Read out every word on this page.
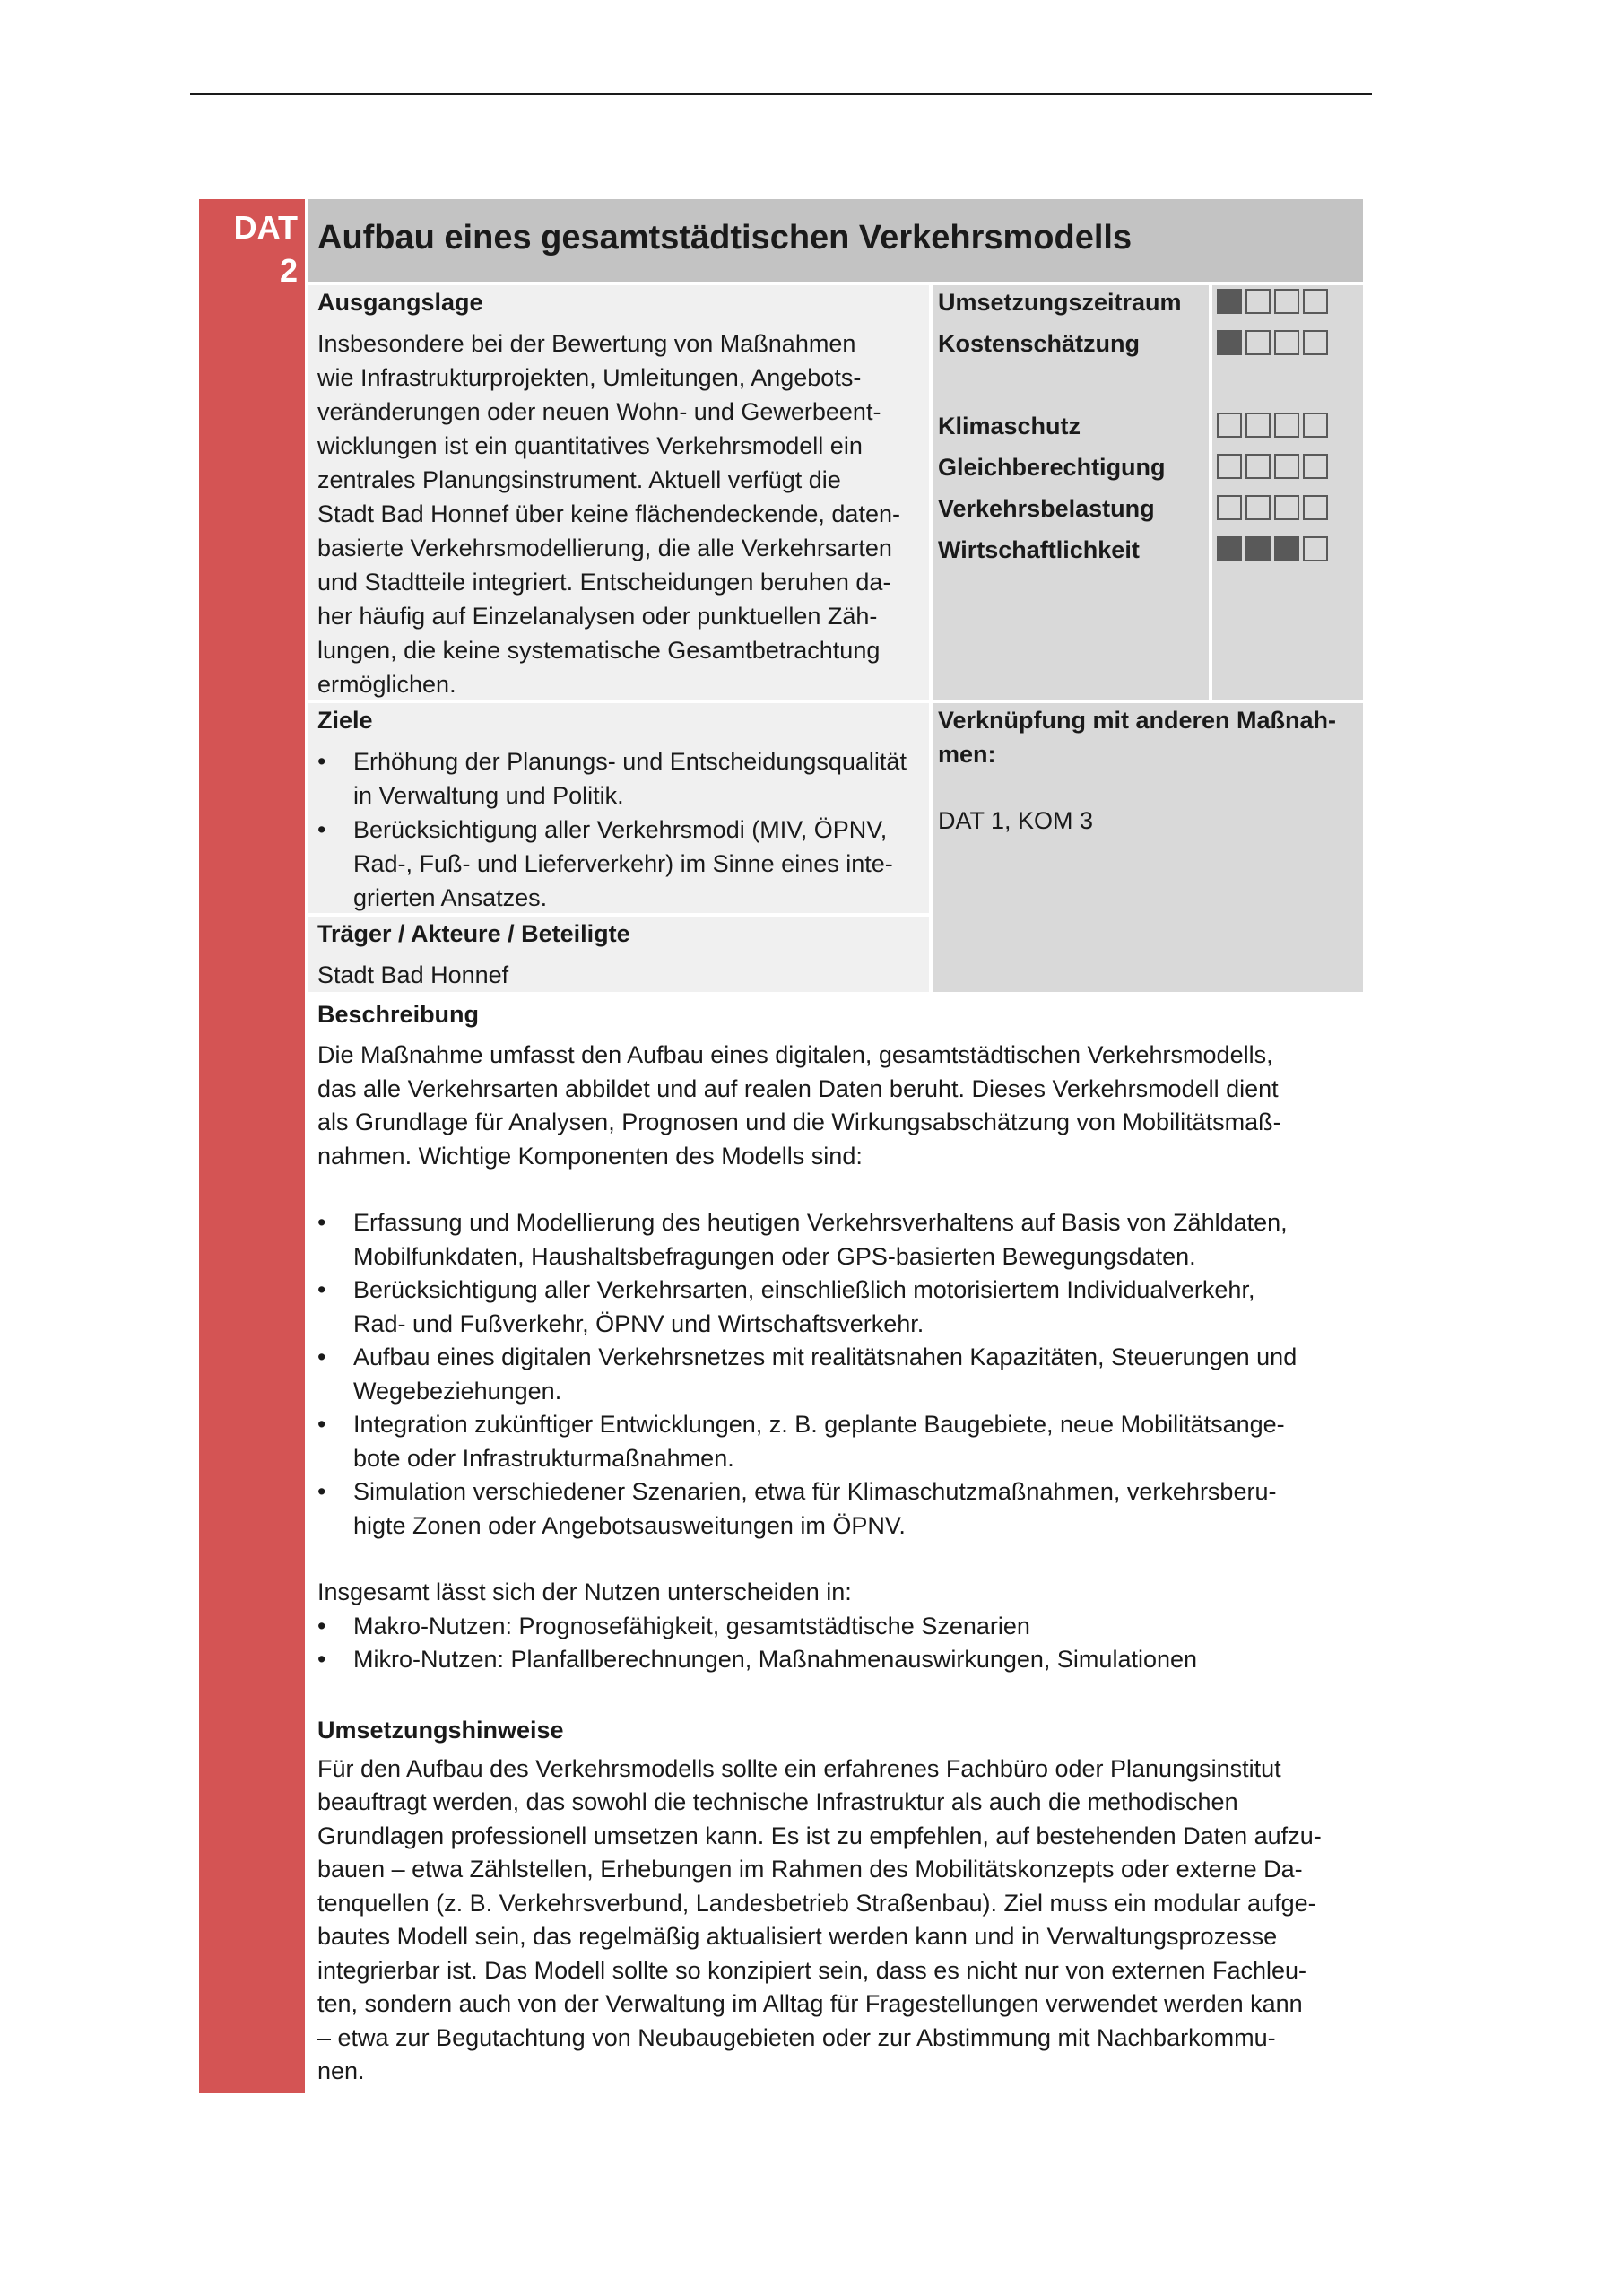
DAT
2
Aufbau eines gesamtstädtischen Verkehrsmodells
Ausgangslage
Insbesondere bei der Bewertung von Maßnahmen
wie Infrastrukturprojekten, Umleitungen, Angebots-
veränderungen oder neuen Wohn- und Gewerbeent-
wicklungen ist ein quantitatives Verkehrsmodell ein
zentrales Planungsinstrument. Aktuell verfügt die
Stadt Bad Honnef über keine flächendeckende, daten-
basierte Verkehrsmodellierung, die alle Verkehrsarten
und Stadtteile integriert. Entscheidungen beruhen da-
her häufig auf Einzelanalysen oder punktuellen Zäh-
lungen, die keine systematische Gesamtbetrachtung
ermöglichen.
Umsetzungszeitraum
Kostenschätzung
Klimaschutz
Gleichberechtigung
Verkehrsbelastung
Wirtschaftlichkeit
Ziele
• Erhöhung der Planungs- und Entscheidungsqualität
in Verwaltung und Politik.
• Berücksichtigung aller Verkehrsmodi (MIV, ÖPNV,
Rad-, Fuß- und Lieferverkehr) im Sinne eines inte-
grierten Ansatzes.
Verknüpfung mit anderen Maßnah-
men:
DAT 1, KOM 3
Träger / Akteure / Beteiligte
Stadt Bad Honnef
Beschreibung
Die Maßnahme umfasst den Aufbau eines digitalen, gesamtstädtischen Verkehrsmodells,
das alle Verkehrsarten abbildet und auf realen Daten beruht. Dieses Verkehrsmodell dient
als Grundlage für Analysen, Prognosen und die Wirkungsabschätzung von Mobilitätsmaß-
nahmen. Wichtige Komponenten des Modells sind:
• Erfassung und Modellierung des heutigen Verkehrsverhaltens auf Basis von Zähldaten,
Mobilfunkdaten, Haushaltsbefragungen oder GPS-basierten Bewegungsdaten.
• Berücksichtigung aller Verkehrsarten, einschließlich motorisiertem Individualverkehr,
Rad- und Fußverkehr, ÖPNV und Wirtschaftsverkehr.
• Aufbau eines digitalen Verkehrsnetzes mit realitätsnahen Kapazitäten, Steuerungen und
Wegebeziehungen.
• Integration zukünftiger Entwicklungen, z. B. geplante Baugebiete, neue Mobilitätsange-
bote oder Infrastrukturmaßnahmen.
• Simulation verschiedener Szenarien, etwa für Klimaschutzmaßnahmen, verkehrsberu-
higte Zonen oder Angebotsausweitungen im ÖPNV.
Insgesamt lässt sich der Nutzen unterscheiden in:
• Makro-Nutzen: Prognosefähigkeit, gesamtstädtische Szenarien
• Mikro-Nutzen: Planfallberechnungen, Maßnahmenauswirkungen, Simulationen
Umsetzungshinweise
Für den Aufbau des Verkehrsmodells sollte ein erfahrenes Fachbüro oder Planungsinstitut
beauftragt werden, das sowohl die technische Infrastruktur als auch die methodischen
Grundlagen professionell umsetzen kann. Es ist zu empfehlen, auf bestehenden Daten aufzu-
bauen – etwa Zählstellen, Erhebungen im Rahmen des Mobilitätskonzepts oder externe Da-
tenquellen (z. B. Verkehrsverbund, Landesbetrieb Straßenbau). Ziel muss ein modular aufge-
bautes Modell sein, das regelmäßig aktualisiert werden kann und in Verwaltungsprozesse
integrierbar ist. Das Modell sollte so konzipiert sein, dass es nicht nur von externen Fachleu-
ten, sondern auch von der Verwaltung im Alltag für Fragestellungen verwendet werden kann
– etwa zur Begutachtung von Neubaugebieten oder zur Abstimmung mit Nachbarkommu-
nen.
